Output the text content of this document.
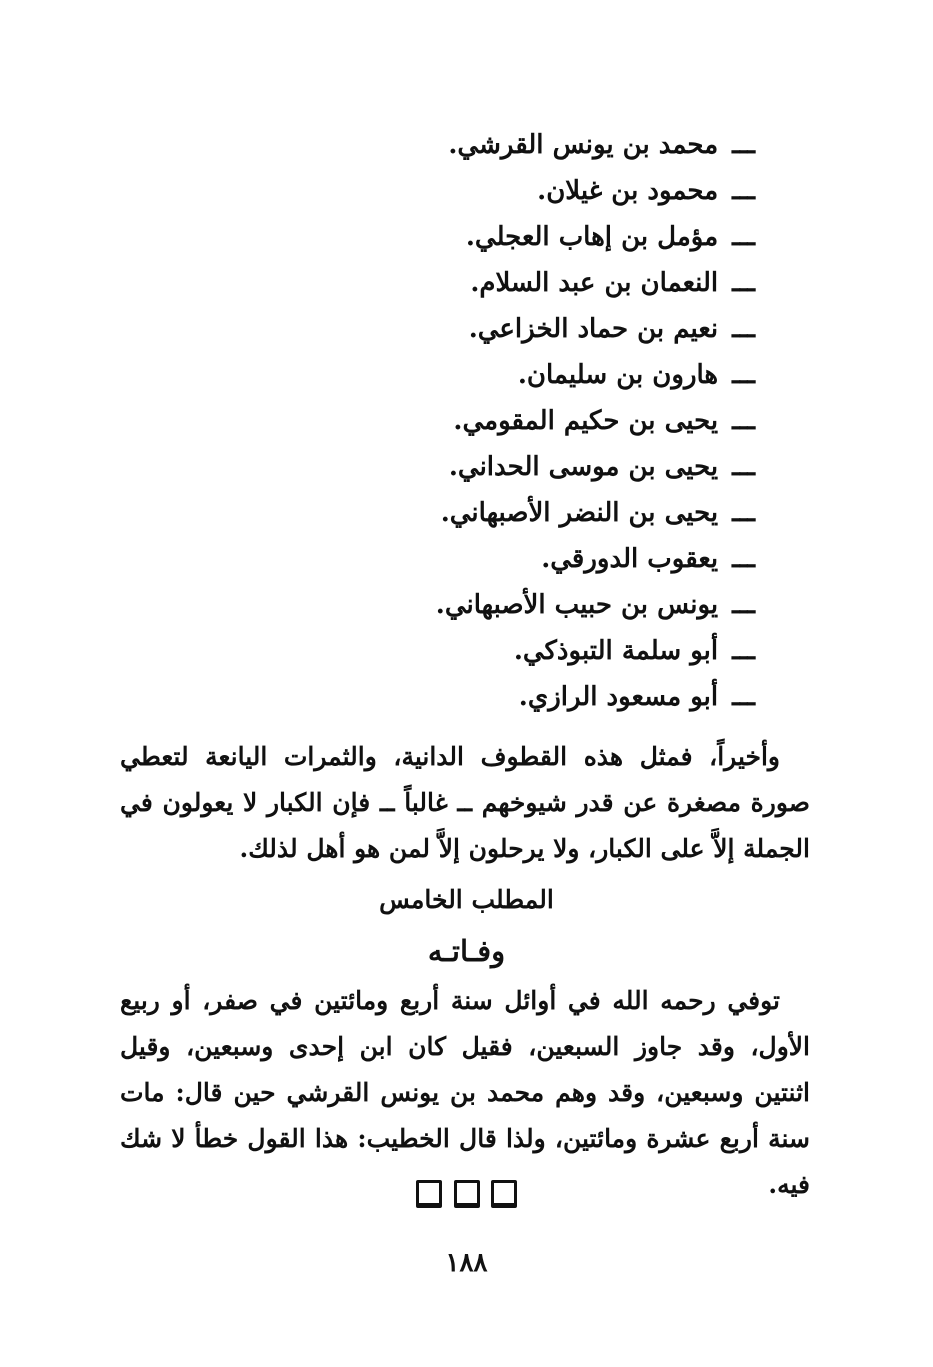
ـــمحمد بن يونس القرشي.
ـــمحمود بن غيلان.
ـــمؤمل بن إهاب العجلي.
ـــالنعمان بن عبد السلام.
ـــنعيم بن حماد الخزاعي.
ـــهارون بن سليمان.
ـــيحيى بن حكيم المقومي.
ـــيحيى بن موسى الحداني.
ـــيحيى بن النضر الأصبهاني.
ـــيعقوب الدورقي.
ـــيونس بن حبيب الأصبهاني.
ـــأبو سلمة التبوذكي.
ـــأبو مسعود الرازي.

وأخيراً، فمثل هذه القطوف الدانية، والثمرات اليانعة لتعطي صورة مصغرة عن قدر شيوخهم ــ غالباً ــ فإن الكبار لا يعولون في الجملة إلاَّ على الكبار، ولا يرحلون إلاَّ لمن هو أهل لذلك.

المطلب الخامس
وفـاتـه

توفي رحمه الله في أوائل سنة أربع ومائتين في صفر، أو ربيع الأول، وقد جاوز السبعين، فقيل كان ابن إحدى وسبعين، وقيل اثنتين وسبعين، وقد وهم محمد بن يونس القرشي حين قال: مات سنة أربع عشرة ومائتين، ولذا قال الخطيب: هذا القول خطأ لا شك فيه.

١٨٨
